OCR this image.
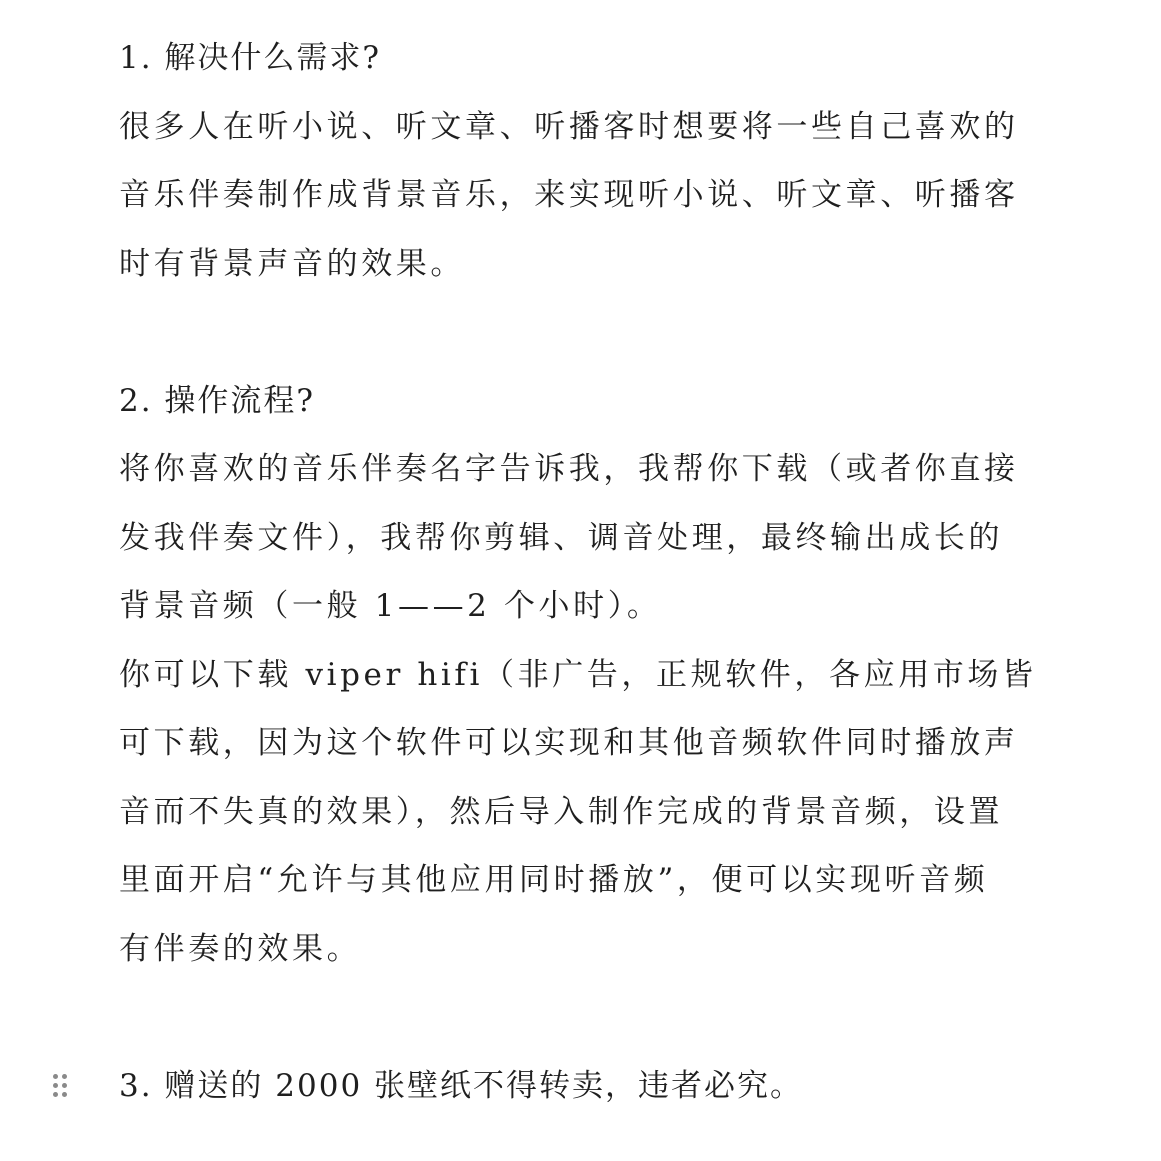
1. 解决什么需求?
很多人在听小说、听文章、听播客时想要将一些自己喜欢的
音乐伴奏制作成背景音乐，来实现听小说、听文章、听播客
时有背景声音的效果。
2. 操作流程?
将你喜欢的音乐伴奏名字告诉我，我帮你下载（或者你直接
发我伴奏文件），我帮你剪辑、调音处理，最终输出成长的
背景音频（一般 1——2 个小时）。
你可以下载 viper hifi（非广告，正规软件，各应用市场皆
可下载，因为这个软件可以实现和其他音频软件同时播放声
音而不失真的效果），然后导入制作完成的背景音频，设置
里面开启“允许与其他应用同时播放”，便可以实现听音频
有伴奏的效果。
3. 赠送的 2000 张壁纸不得转卖，违者必究。
